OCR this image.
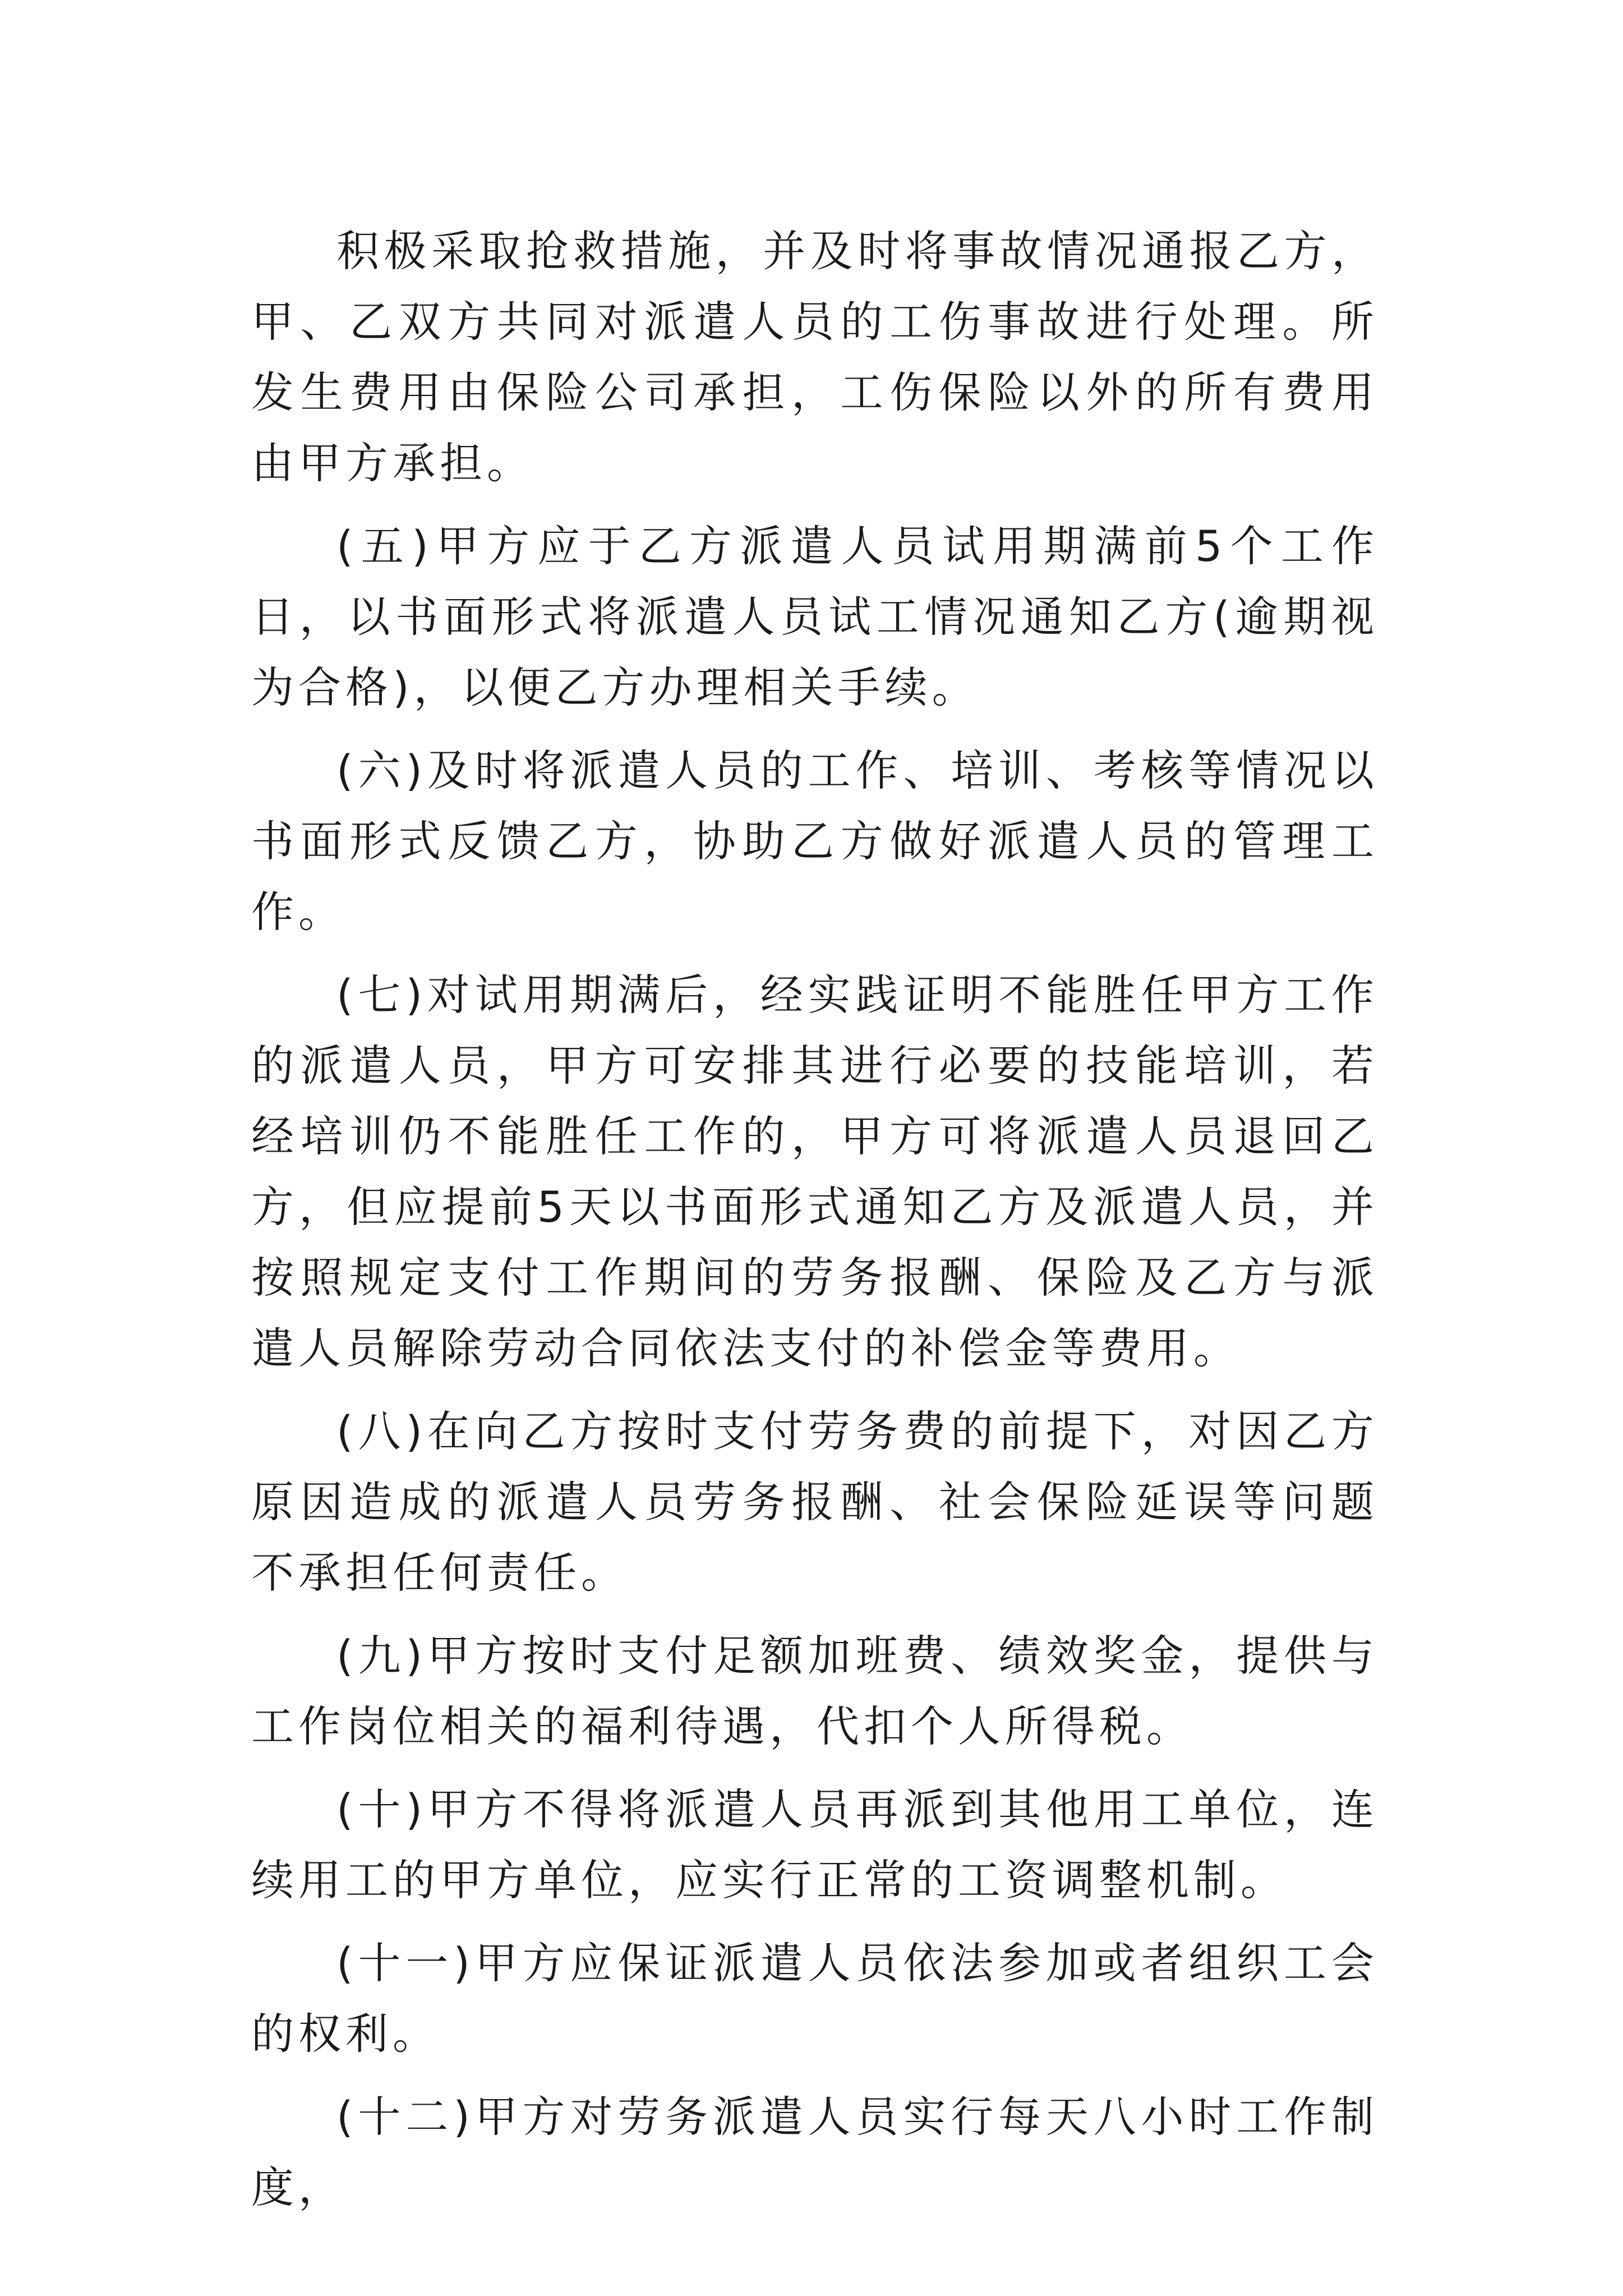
积极采取抢救措施，并及时将事故情况通报乙方，甲、乙双方共同对派遣人员的工伤事故进行处理。所发生费用由保险公司承担，工伤保险以外的所有费用由甲方承担。

(五)甲方应于乙方派遣人员试用期满前5个工作日，以书面形式将派遣人员试工情况通知乙方(逾期视为合格)，以便乙方办理相关手续。

(六)及时将派遣人员的工作、培训、考核等情况以书面形式反馈乙方，协助乙方做好派遣人员的管理工作。

(七)对试用期满后，经实践证明不能胜任甲方工作的派遣人员，甲方可安排其进行必要的技能培训，若经培训仍不能胜任工作的，甲方可将派遣人员退回乙方，但应提前5天以书面形式通知乙方及派遣人员，并按照规定支付工作期间的劳务报酬、保险及乙方与派遣人员解除劳动合同依法支付的补偿金等费用。

(八)在向乙方按时支付劳务费的前提下，对因乙方原因造成的派遣人员劳务报酬、社会保险延误等问题不承担任何责任。

(九)甲方按时支付足额加班费、绩效奖金，提供与工作岗位相关的福利待遇，代扣个人所得税。

(十)甲方不得将派遣人员再派到其他用工单位，连续用工的甲方单位，应实行正常的工资调整机制。

(十一)甲方应保证派遣人员依法参加或者组织工会的权利。

(十二)甲方对劳务派遣人员实行每天八小时工作制度，
